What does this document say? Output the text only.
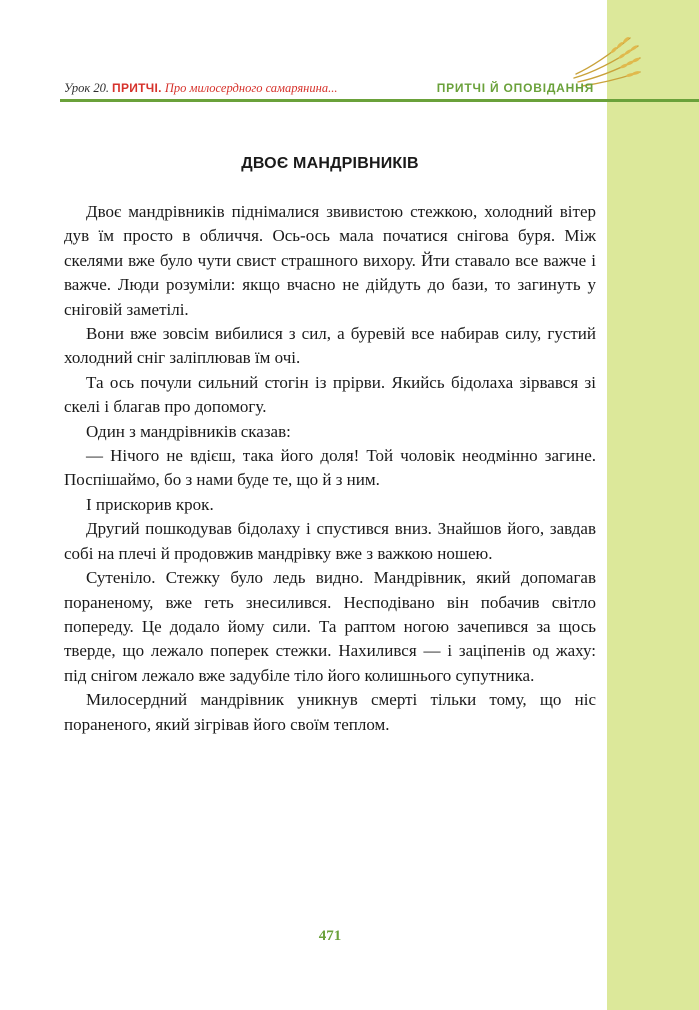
Урок 20. ПРИТЧІ. Про милосердного самарянина...	ПРИТЧІ Й ОПОВІДАННЯ
ДВОЄ МАНДРІВНИКІВ

Двоє мандрівників піднімалися звивистою стежкою, холодний вітер дув їм просто в обличчя. Ось-ось мала початися снігова буря. Між скелями вже було чути свист страшного вихору. Йти ставало все важче і важче. Люди розуміли: якщо вчасно не дійдуть до бази, то загинуть у сніговій заметілі.

Вони вже зовсім вибилися з сил, а буревій все набирав силу, густий холодний сніг заліплював їм очі.

Та ось почули сильний стогін із прірви. Якийсь бідолаха зірвався зі скелі і благав про допомогу.

Один з мандрівників сказав:

— Нічого не вдієш, така його доля! Той чоловік неодмінно загине. Поспішаймо, бо з нами буде те, що й з ним.

І прискорив крок.

Другий пошкодував бідолаху і спустився вниз. Знайшов його, завдав собі на плечі й продовжив мандрівку вже з важкою ношею.

Сутеніло. Стежку було ледь видно. Мандрівник, який допомагав пораненому, вже геть знесилився. Несподівано він побачив світло попереду. Це додало йому сили. Та раптом ногою зачепився за щось тверде, що лежало поперек стежки. Нахилився — і заціпенів од жаху: під снігом лежало вже задубіле тіло його колишнього супутника.

Милосердний мандрівник уникнув смерті тільки тому, що ніс пораненого, який зігрівав його своїм теплом.

471
